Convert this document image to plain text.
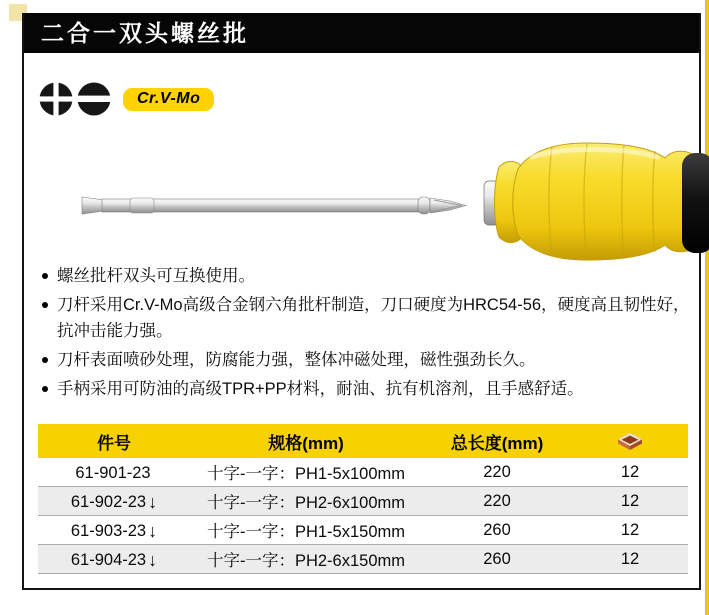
二合一双头螺丝批
Cr.V-Mo
螺丝批杆双头可互换使用。
刀杆采用Cr.V-Mo高级合金钢六角批杆制造，刀口硬度为HRC54-56，硬度高且韧性好，抗冲击能力强。
刀杆表面喷砂处理，防腐能力强，整体冲磁处理，磁性强劲长久。
手柄采用可防油的高级TPR+PP材料，耐油、抗有机溶剂，且手感舒适。
件号	规格(mm)	总长度(mm)	
61-901-23	十字-一字：PH1-5x100mm	220	12
61-902-23 ↓	十字-一字：PH2-6x100mm	220	12
61-903-23 ↓	十字-一字：PH1-5x150mm	260	12
61-904-23 ↓	十字-一字：PH2-6x150mm	260	12
